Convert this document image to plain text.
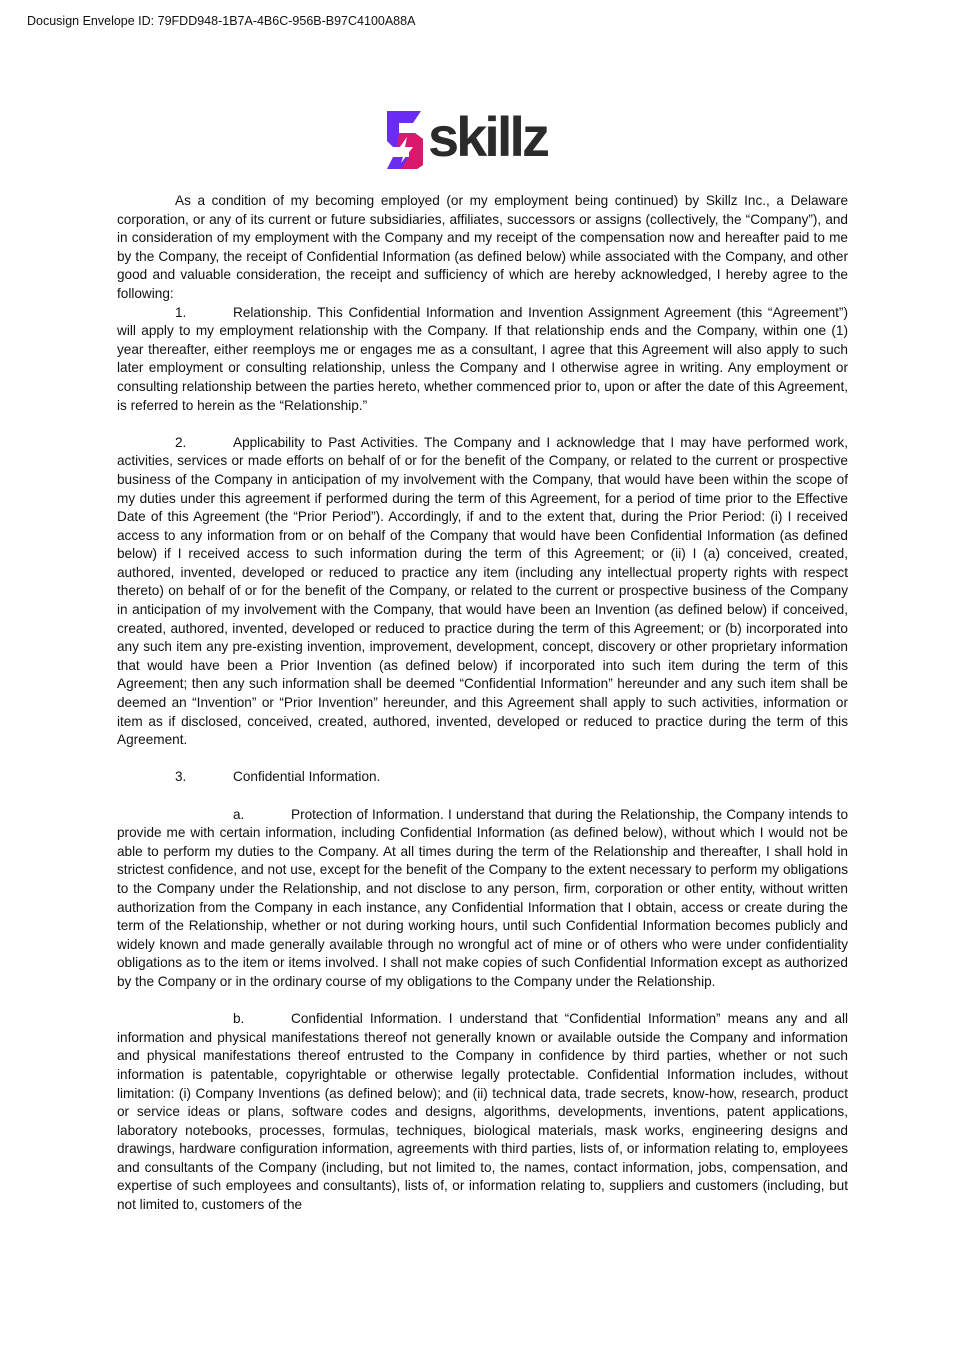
Docusign Envelope ID: 79FDD948-1B7A-4B6C-956B-B97C4100A88A
skillz

As a condition of my becoming employed (or my employment being continued) by Skillz Inc., a Delaware corporation, or any of its current or future subsidiaries, affiliates, successors or assigns (collectively, the “Company”), and in consideration of my employment with the Company and my receipt of the compensation now and hereafter paid to me by the Company, the receipt of Confidential Information (as defined below) while associated with the Company, and other good and valuable consideration, the receipt and sufficiency of which are hereby acknowledged, I hereby agree to the following:

1.	Relationship. This Confidential Information and Invention Assignment Agreement (this “Agreement”) will apply to my employment relationship with the Company. If that relationship ends and the Company, within one (1) year thereafter, either reemploys me or engages me as a consultant, I agree that this Agreement will also apply to such later employment or consulting relationship, unless the Company and I otherwise agree in writing. Any employment or consulting relationship between the parties hereto, whether commenced prior to, upon or after the date of this Agreement, is referred to herein as the “Relationship.”

2.	Applicability to Past Activities. The Company and I acknowledge that I may have performed work, activities, services or made efforts on behalf of or for the benefit of the Company, or related to the current or prospective business of the Company in anticipation of my involvement with the Company, that would have been within the scope of my duties under this agreement if performed during the term of this Agreement, for a period of time prior to the Effective Date of this Agreement (the “Prior Period”). Accordingly, if and to the extent that, during the Prior Period: (i) I received access to any information from or on behalf of the Company that would have been Confidential Information (as defined below) if I received access to such information during the term of this Agreement; or (ii) I (a) conceived, created, authored, invented, developed or reduced to practice any item (including any intellectual property rights with respect thereto) on behalf of or for the benefit of the Company, or related to the current or prospective business of the Company in anticipation of my involvement with the Company, that would have been an Invention (as defined below) if conceived, created, authored, invented, developed or reduced to practice during the term of this Agreement; or (b) incorporated into any such item any pre-existing invention, improvement, development, concept, discovery or other proprietary information that would have been a Prior Invention (as defined below) if incorporated into such item during the term of this Agreement; then any such information shall be deemed “Confidential Information” hereunder and any such item shall be deemed an “Invention” or “Prior Invention” hereunder, and this Agreement shall apply to such activities, information or item as if disclosed, conceived, created, authored, invented, developed or reduced to practice during the term of this Agreement.

3.	Confidential Information.

a.	Protection of Information. I understand that during the Relationship, the Company intends to provide me with certain information, including Confidential Information (as defined below), without which I would not be able to perform my duties to the Company. At all times during the term of the Relationship and thereafter, I shall hold in strictest confidence, and not use, except for the benefit of the Company to the extent necessary to perform my obligations to the Company under the Relationship, and not disclose to any person, firm, corporation or other entity, without written authorization from the Company in each instance, any Confidential Information that I obtain, access or create during the term of the Relationship, whether or not during working hours, until such Confidential Information becomes publicly and widely known and made generally available through no wrongful act of mine or of others who were under confidentiality obligations as to the item or items involved. I shall not make copies of such Confidential Information except as authorized by the Company or in the ordinary course of my obligations to the Company under the Relationship.

b.	Confidential Information. I understand that “Confidential Information” means any and all information and physical manifestations thereof not generally known or available outside the Company and information and physical manifestations thereof entrusted to the Company in confidence by third parties, whether or not such information is patentable, copyrightable or otherwise legally protectable. Confidential Information includes, without limitation: (i) Company Inventions (as defined below); and (ii) technical data, trade secrets, know-how, research, product or service ideas or plans, software codes and designs, algorithms, developments, inventions, patent applications, laboratory notebooks, processes, formulas, techniques, biological materials, mask works, engineering designs and drawings, hardware configuration information, agreements with third parties, lists of, or information relating to, employees and consultants of the Company (including, but not limited to, the names, contact information, jobs, compensation, and expertise of such employees and consultants), lists of, or information relating to, suppliers and customers (including, but not limited to, customers of the
